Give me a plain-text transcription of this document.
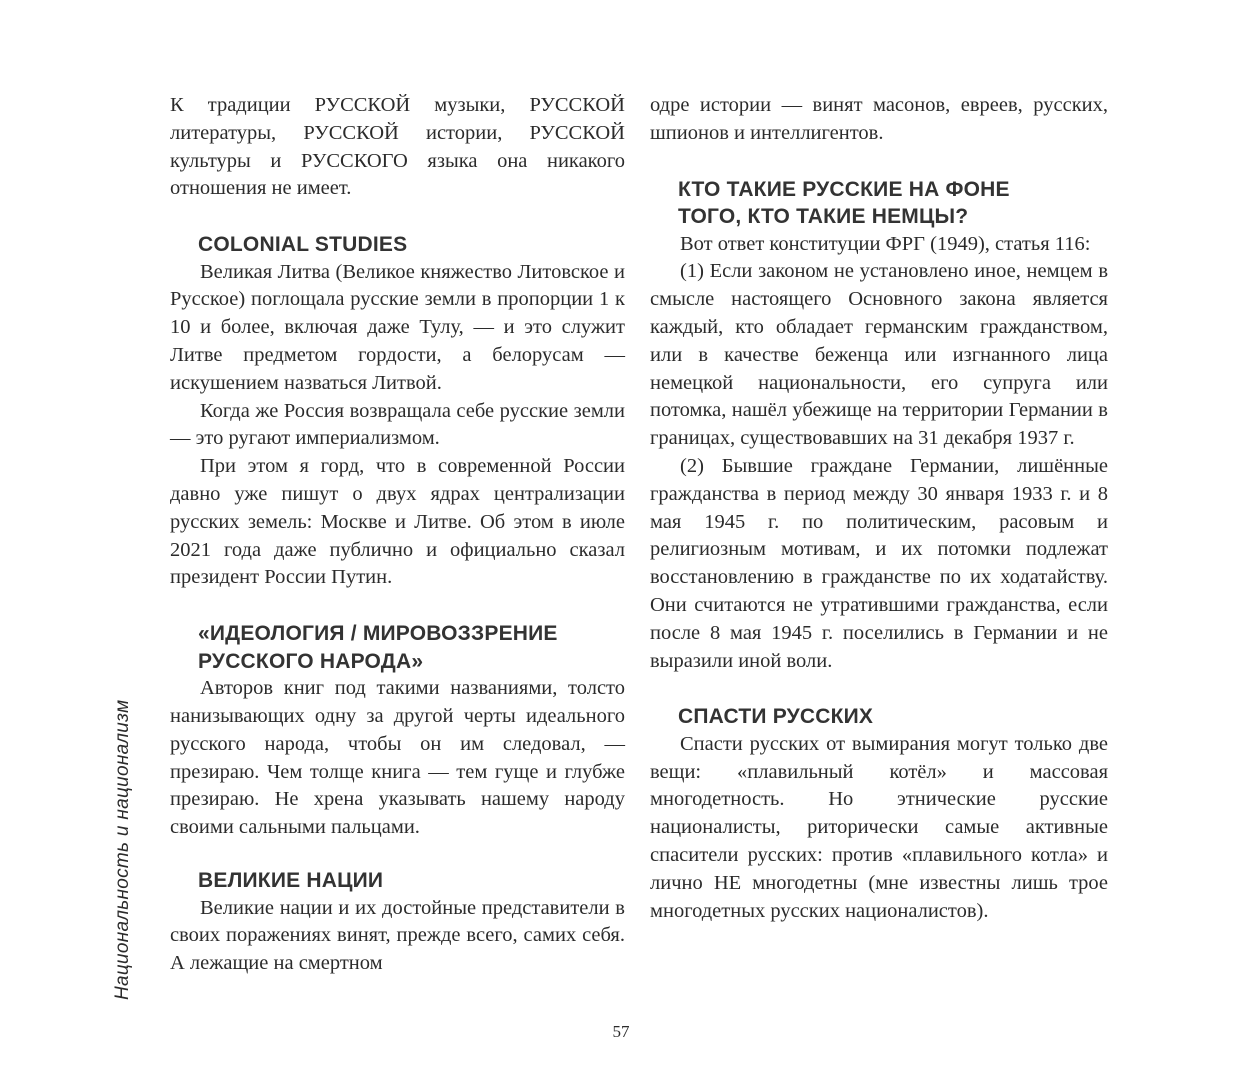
К традиции РУССКОЙ музыки, РУССКОЙ литературы, РУССКОЙ истории, РУССКОЙ культуры и РУССКОГО языка она никакого отношения не имеет.

COLONIAL STUDIES

Великая Литва (Великое княжество Литовское и Русское) поглощала русские земли в пропорции 1 к 10 и более, включая даже Тулу, — и это служит Литве предметом гордости, а белорусам — искушением назваться Литвой.

Когда же Россия возвращала себе русские земли — это ругают империализмом.

При этом я горд, что в современной России давно уже пишут о двух ядрах централизации русских земель: Москве и Литве. Об этом в июле 2021 года даже публично и официально сказал президент России Путин.

«ИДЕОЛОГИЯ / МИРОВОЗЗРЕНИЕ
РУССКОГО НАРОДА»

Авторов книг под такими названиями, толсто нанизывающих одну за другой черты идеального русского народа, чтобы он им следовал, — презираю. Чем толще книга — тем гуще и глубже презираю. Не хрена указывать нашему народу своими сальными пальцами.

ВЕЛИКИЕ НАЦИИ

Великие нации и их достойные представители в своих поражениях винят, прежде всего, самих себя. А лежащие на смертном

одре истории — винят масонов, евреев, русских, шпионов и интеллигентов.

КТО ТАКИЕ РУССКИЕ НА ФОНЕ
ТОГО, КТО ТАКИЕ НЕМЦЫ?

Вот ответ конституции ФРГ (1949), статья 116:

(1) Если законом не установлено иное, немцем в смысле настоящего Основного закона является каждый, кто обладает германским гражданством, или в качестве беженца или изгнанного лица немецкой национальности, его супруга или потомка, нашёл убежище на территории Германии в границах, существовавших на 31 декабря 1937 г.

(2) Бывшие граждане Германии, лишённые гражданства в период между 30 января 1933 г. и 8 мая 1945 г. по политическим, расовым и религиозным мотивам, и их потомки подлежат восстановлению в гражданстве по их ходатайству. Они считаются не утратившими гражданства, если после 8 мая 1945 г. поселились в Германии и не выразили иной воли.

СПАСТИ РУССКИХ

Спасти русских от вымирания могут только две вещи: «плавильный котёл» и массовая многодетность. Но этнические русские националисты, риторически самые активные спасители русских: против «плавильного котла» и лично НЕ многодетны (мне известны лишь трое многодетных русских националистов).

Национальность и национализм
57
